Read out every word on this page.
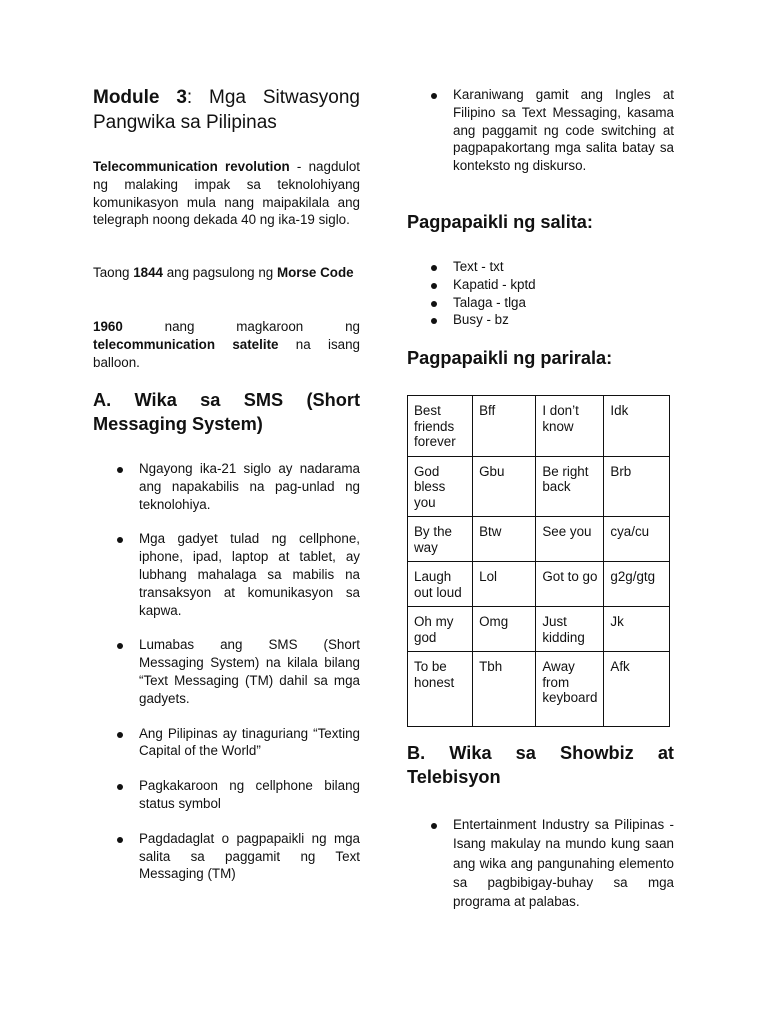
Module 3: Mga Sitwasyong Pangwika sa Pilipinas

Telecommunication revolution - nagdulot ng malaking impak sa teknolohiyang komunikasyon mula nang maipakilala ang telegraph noong dekada 40 ng ika-19 siglo.

Taong 1844 ang pagsulong ng Morse Code

1960 nang magkaroon ng telecommunication satelite na isang balloon.

A. Wika sa SMS (Short
Messaging System)
Ngayong ika-21 siglo ay nadarama ang napakabilis na pag-unlad ng teknolohiya.
Mga gadyet tulad ng cellphone, iphone, ipad, laptop at tablet, ay lubhang mahalaga sa mabilis na transaksyon at komunikasyon sa kapwa.
Lumabas ang SMS (Short Messaging System) na kilala bilang “Text Messaging (TM) dahil sa mga gadyets.
Ang Pilipinas ay tinaguriang “Texting Capital of the World”
Pagkakaroon ng cellphone bilang status symbol
Pagdadaglat o pagpapaikli ng mga salita sa paggamit ng Text Messaging (TM)
Karaniwang gamit ang Ingles at Filipino sa Text Messaging, kasama ang paggamit ng code switching at pagpapakortang mga salita batay sa konteksto ng diskurso.
Pagpapaikli ng salita:
Text - txt
Kapatid - kptd
Talaga - tlga
Busy - bz
Pagpapaikli ng parirala:
Best friends forever	Bff	I don’t know	Idk
God bless you	Gbu	Be right back	Brb
By the way	Btw	See you	cya/cu
Laugh out loud	Lol	Got to go	g2g/gtg
Oh my god	Omg	Just kidding	Jk
To be honest	Tbh	Away from keyboard	Afk
B. Wika sa Showbiz at
Telebisyon
Entertainment Industry sa Pilipinas - Isang makulay na mundo kung saan ang wika ang pangunahing elemento sa pagbibigay-buhay sa mga programa at palabas.
